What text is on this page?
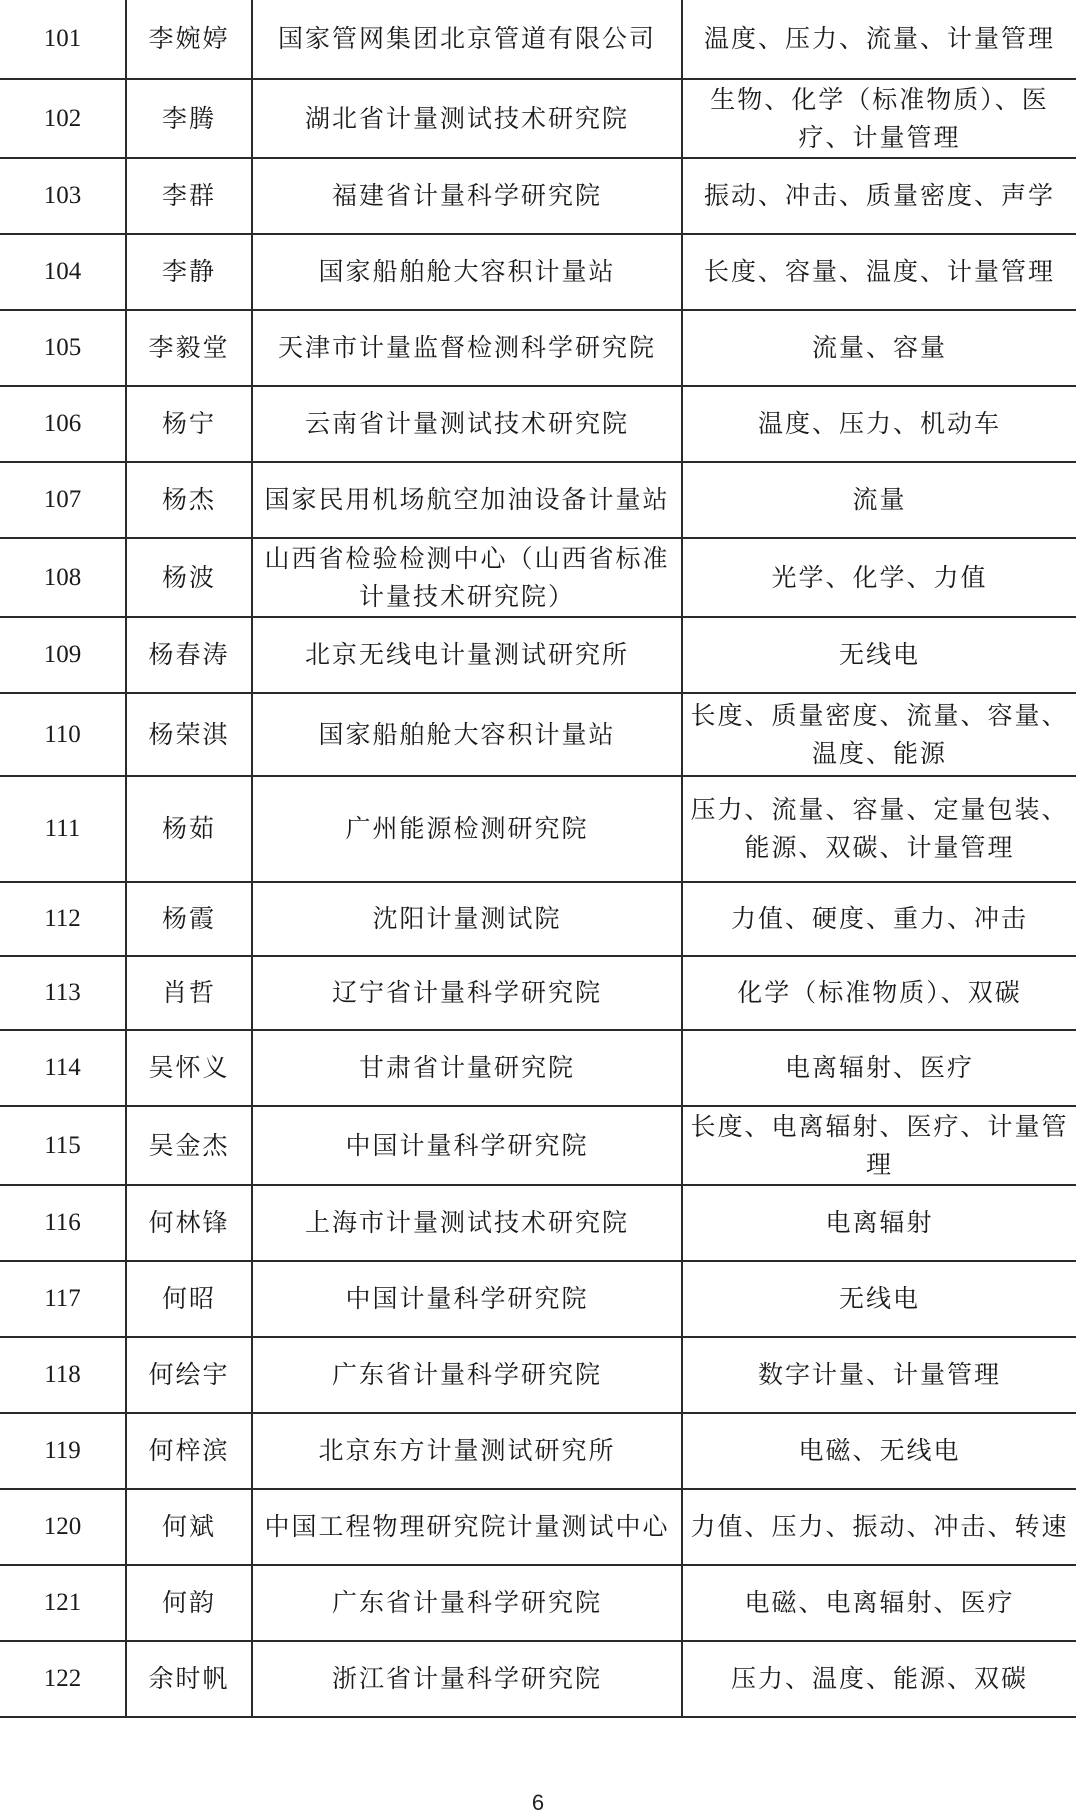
101	李婉婷	国家管网集团北京管道有限公司	温度、压力、流量、计量管理
102	李腾	湖北省计量测试技术研究院	生物、化学（标准物质）、医疗、计量管理
103	李群	福建省计量科学研究院	振动、冲击、质量密度、声学
104	李静	国家船舶舱大容积计量站	长度、容量、温度、计量管理
105	李毅堂	天津市计量监督检测科学研究院	流量、容量
106	杨宁	云南省计量测试技术研究院	温度、压力、机动车
107	杨杰	国家民用机场航空加油设备计量站	流量
108	杨波	山西省检验检测中心（山西省标准计量技术研究院）	光学、化学、力值
109	杨春涛	北京无线电计量测试研究所	无线电
110	杨荣淇	国家船舶舱大容积计量站	长度、质量密度、流量、容量、温度、能源
111	杨茹	广州能源检测研究院	压力、流量、容量、定量包装、能源、双碳、计量管理
112	杨霞	沈阳计量测试院	力值、硬度、重力、冲击
113	肖哲	辽宁省计量科学研究院	化学（标准物质）、双碳
114	吴怀义	甘肃省计量研究院	电离辐射、医疗
115	吴金杰	中国计量科学研究院	长度、电离辐射、医疗、计量管理
116	何林锋	上海市计量测试技术研究院	电离辐射
117	何昭	中国计量科学研究院	无线电
118	何绘宇	广东省计量科学研究院	数字计量、计量管理
119	何梓滨	北京东方计量测试研究所	电磁、无线电
120	何斌	中国工程物理研究院计量测试中心	力值、压力、振动、冲击、转速
121	何韵	广东省计量科学研究院	电磁、电离辐射、医疗
122	余时帆	浙江省计量科学研究院	压力、温度、能源、双碳
6
